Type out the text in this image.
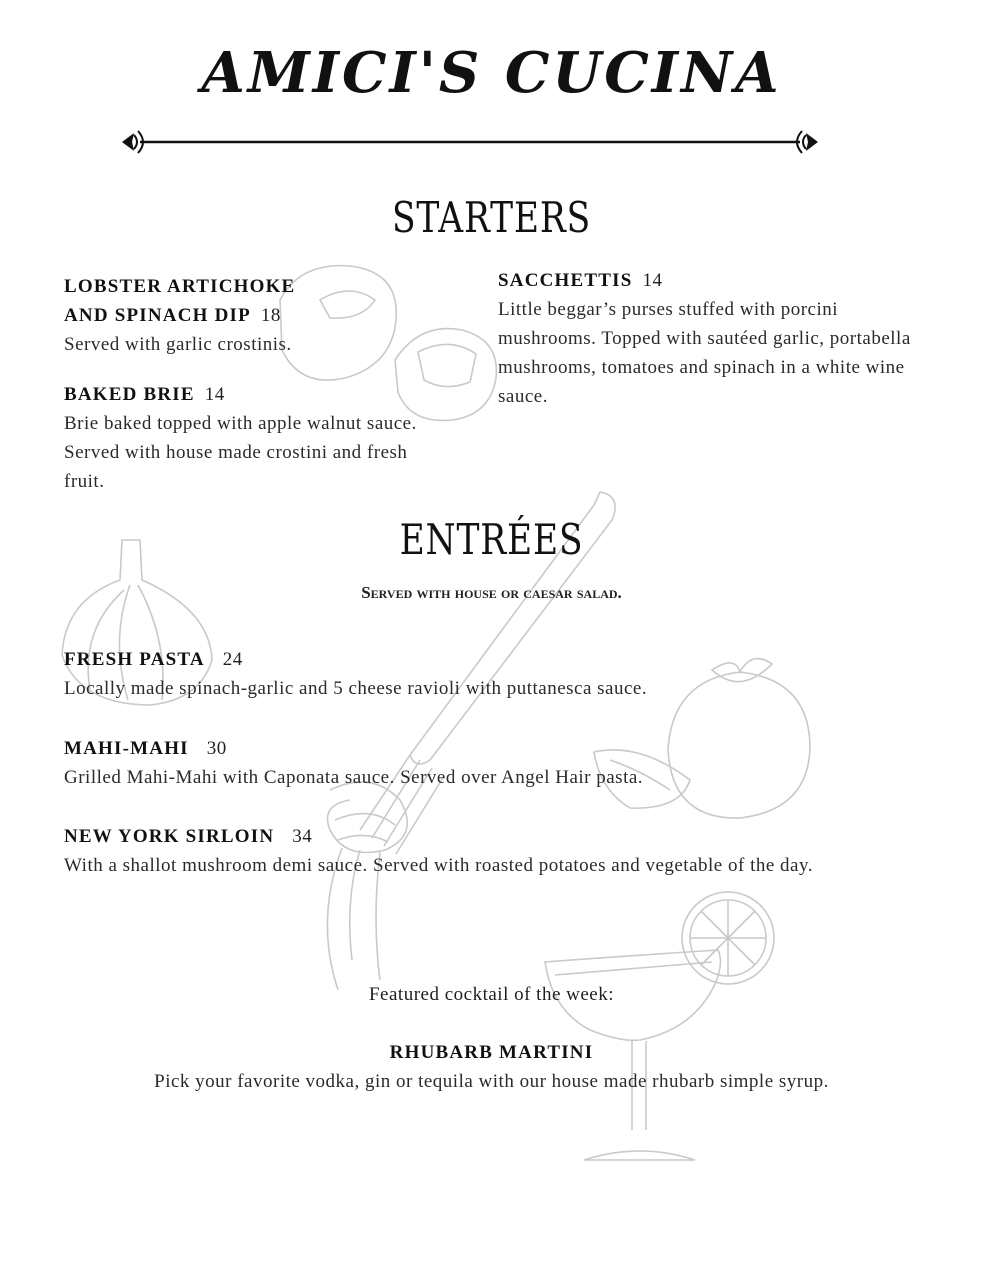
AMICI'S CUCINA
STARTERS
LOBSTER ARTICHOKE
AND SPINACH DIP 18
Served with garlic crostinis.
BAKED BRIE 14
Brie baked topped with apple walnut sauce. Served with house made crostini and fresh fruit.
SACCHETTIS 14
Little beggar’s purses stuffed with porcini mushrooms. Topped with sautéed garlic, portabella mushrooms, tomatoes and spinach in a white wine sauce.
ENTRÉES
Served with house or caesar salad.
FRESH PASTA 24
Locally made spinach-garlic and 5 cheese ravioli with puttanesca sauce.
MAHI-MAHI 30
Grilled Mahi-Mahi with Caponata sauce. Served over Angel Hair pasta.
NEW YORK SIRLOIN 34
With a shallot mushroom demi sauce. Served with roasted potatoes and vegetable of the day.
Featured cocktail of the week:
RHUBARB MARTINI
Pick your favorite vodka, gin or tequila with our house made rhubarb simple syrup.
